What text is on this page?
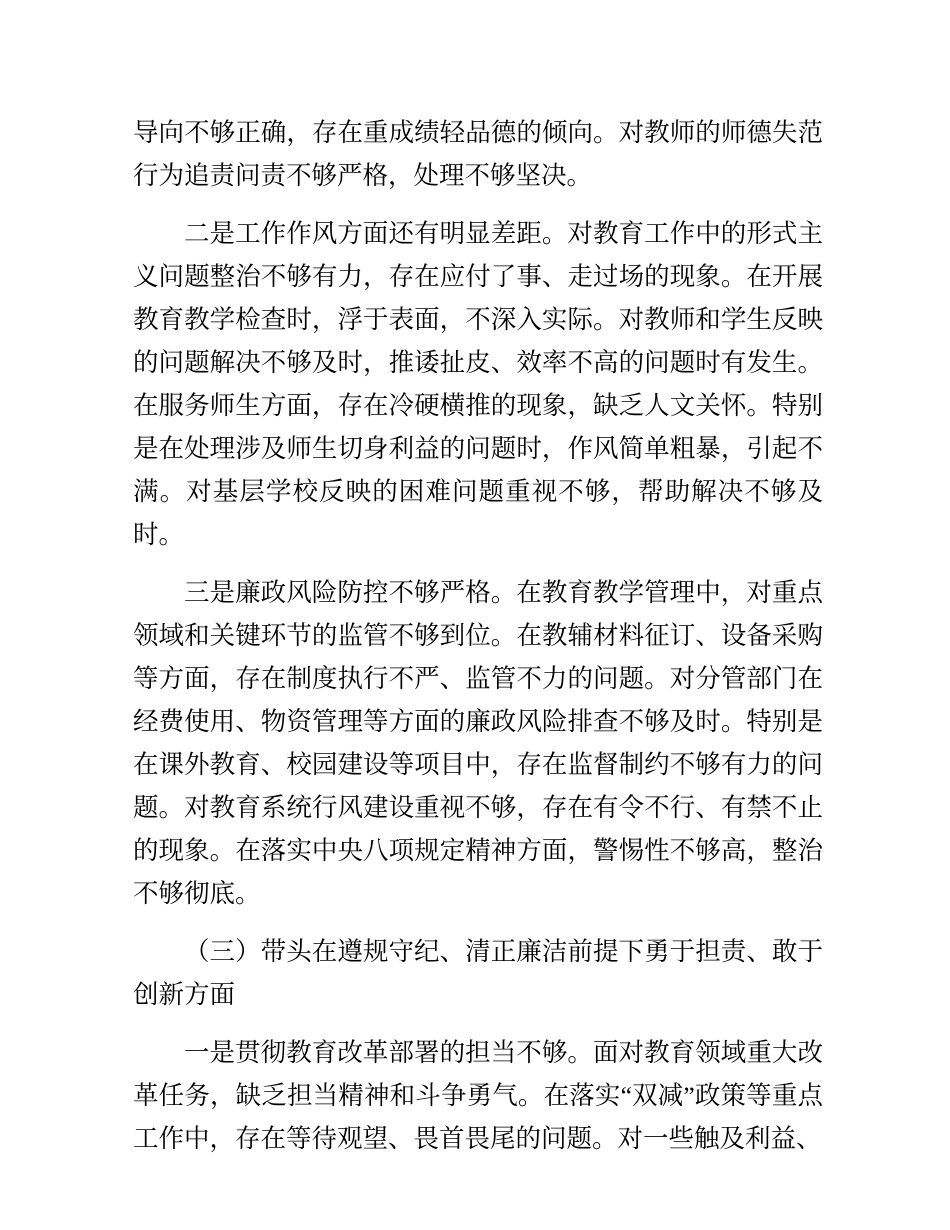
导向不够正确，存在重成绩轻品德的倾向。对教师的师德失范行为追责问责不够严格，处理不够坚决。

二是工作作风方面还有明显差距。对教育工作中的形式主义问题整治不够有力，存在应付了事、走过场的现象。在开展教育教学检查时，浮于表面，不深入实际。对教师和学生反映的问题解决不够及时，推诿扯皮、效率不高的问题时有发生。在服务师生方面，存在冷硬横推的现象，缺乏人文关怀。特别是在处理涉及师生切身利益的问题时，作风简单粗暴，引起不满。对基层学校反映的困难问题重视不够，帮助解决不够及时。

三是廉政风险防控不够严格。在教育教学管理中，对重点领域和关键环节的监管不够到位。在教辅材料征订、设备采购等方面，存在制度执行不严、监管不力的问题。对分管部门在经费使用、物资管理等方面的廉政风险排查不够及时。特别是在课外教育、校园建设等项目中，存在监督制约不够有力的问题。对教育系统行风建设重视不够，存在有令不行、有禁不止的现象。在落实中央八项规定精神方面，警惕性不够高，整治不够彻底。

（三）带头在遵规守纪、清正廉洁前提下勇于担责、敢于创新方面

一是贯彻教育改革部署的担当不够。面对教育领域重大改革任务，缺乏担当精神和斗争勇气。在落实“双减”政策等重点工作中，存在等待观望、畏首畏尾的问题。对一些触及利益、
